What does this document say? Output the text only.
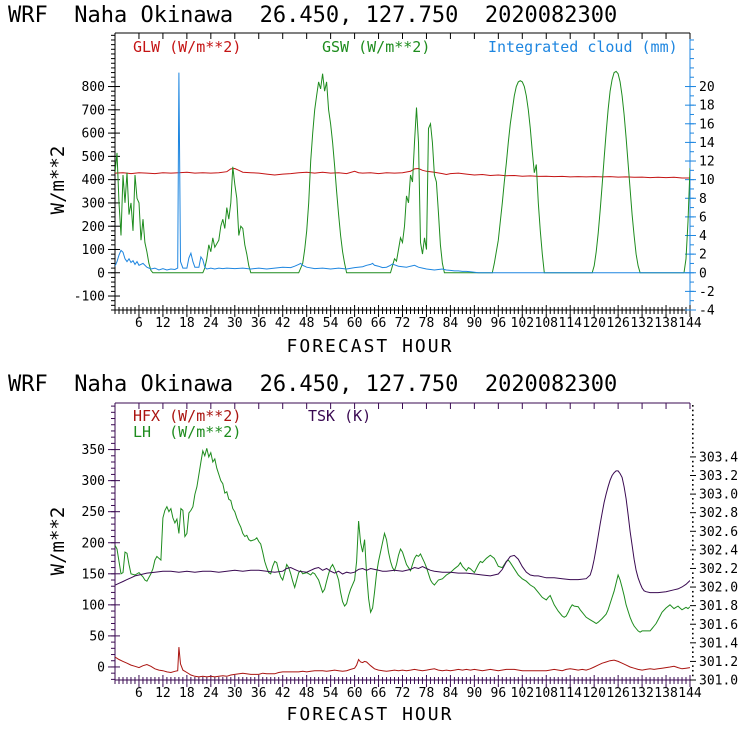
6 12 18 24 30 36 42 48 54 60 66 72 78 84 90 96 102 108 114 120 126 132 138 144
800
700
600
500
400
300
200
100
0
-100
20
18
16
14
12
10
8
6
4
2
0
-2
-4
6 12 18 24 30 36 42 48 54 60 66 72 78 84 90 96 102 108 114 120 126 132 138 144
350
300
250
200
150
100
50
0
303.4
303.2
303.0
302.8
302.6
302.4
302.2
302.0
301.8
301.6
301.4
301.2
301.0
WRF  Naha Okinawa  26.450, 127.750  2020082300
WRF  Naha Okinawa  26.450, 127.750  2020082300
GLW (W/m**2)	GSW (W/m**2)	Integrated cloud (mm)
HFX (W/m**2)	TSK (K)
LH  (W/m**2)
W/m**2
W/m**2
FORECAST HOUR
FORECAST HOUR
